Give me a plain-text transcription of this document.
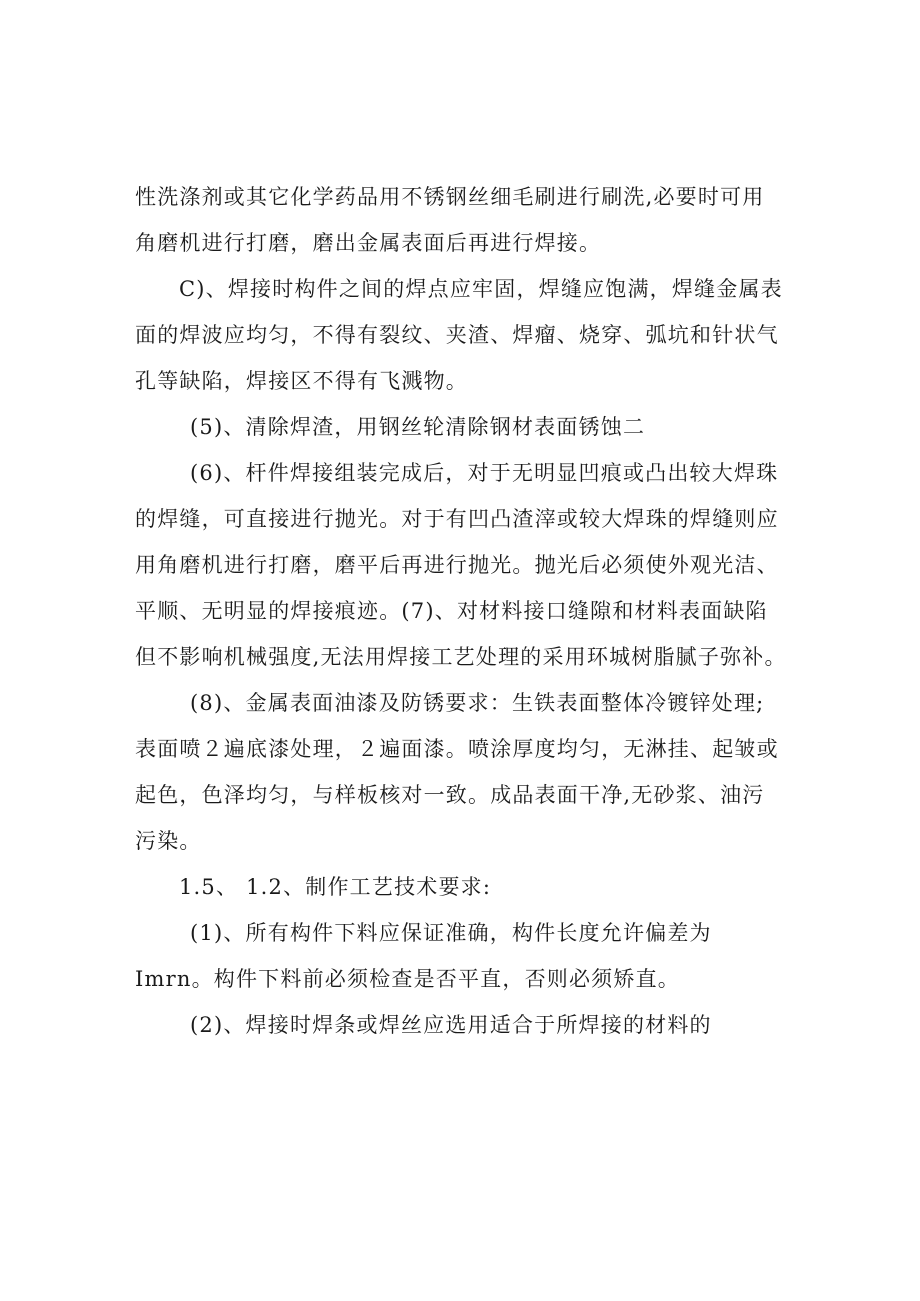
性洗涤剂或其它化学药品用不锈钢丝细毛刷进行刷洗,必要时可用
角磨机进行打磨，磨出金属表面后再进行焊接。
C)、焊接时构件之间的焊点应牢固，焊缝应饱满，焊缝金属表
面的焊波应均匀，不得有裂纹、夹渣、焊瘤、烧穿、弧坑和针状气
孔等缺陷，焊接区不得有飞溅物。
(5)、清除焊渣，用钢丝轮清除钢材表面锈蚀二
(6)、杆件焊接组装完成后，对于无明显凹痕或凸出较大焊珠
的焊缝，可直接进行抛光。对于有凹凸渣滓或较大焊珠的焊缝则应
用角磨机进行打磨，磨平后再进行抛光。抛光后必须使外观光洁、
平顺、无明显的焊接痕迹。(7)、对材料接口缝隙和材料表面缺陷
但不影响机械强度,无法用焊接工艺处理的采用环城树脂腻子弥补。
(8)、金属表面油漆及防锈要求：生铁表面整体冷镀锌处理;
表面喷２遍底漆处理，２遍面漆。喷涂厚度均匀，无淋挂、起皱或
起色，色泽均匀，与样板核对一致。成品表面干净,无砂浆、油污
污染。
1.5、 1.2、制作工艺技术要求:
(1)、所有构件下料应保证准确，构件长度允许偏差为
Imrn。构件下料前必须检查是否平直，否则必须矫直。
(2)、焊接时焊条或焊丝应选用适合于所焊接的材料的
